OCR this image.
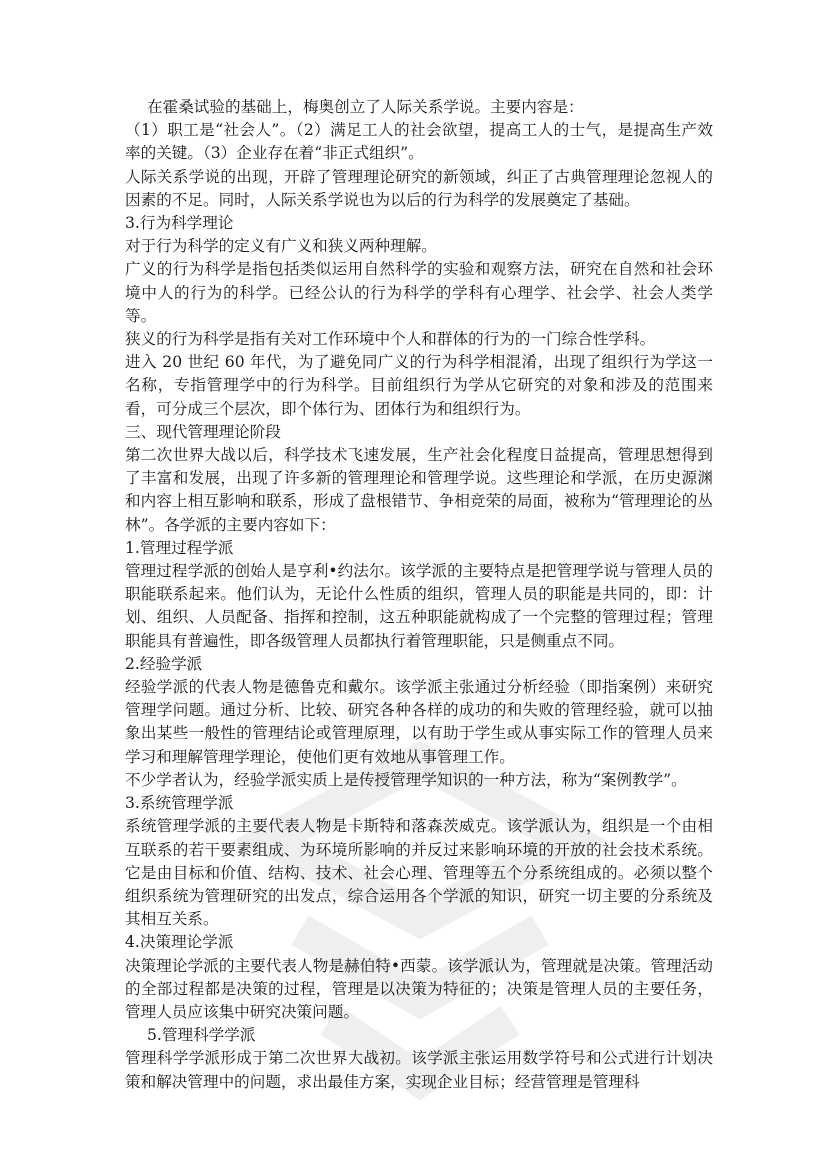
在霍桑试验的基础上，梅奥创立了人际关系学说。主要内容是：

（1）职工是“社会人”。（2）满足工人的社会欲望，提高工人的士气，是提高生产效率的关键。（3）企业存在着“非正式组织”。

人际关系学说的出现，开辟了管理理论研究的新领域，纠正了古典管理理论忽视人的因素的不足。同时，人际关系学说也为以后的行为科学的发展奠定了基础。

3.行为科学理论

对于行为科学的定义有广义和狭义两种理解。

广义的行为科学是指包括类似运用自然科学的实验和观察方法，研究在自然和社会环境中人的行为的科学。已经公认的行为科学的学科有心理学、社会学、社会人类学等。

狭义的行为科学是指有关对工作环境中个人和群体的行为的一门综合性学科。

进入 20 世纪 60 年代，为了避免同广义的行为科学相混淆，出现了组织行为学这一名称，专指管理学中的行为科学。目前组织行为学从它研究的对象和涉及的范围来看，可分成三个层次，即个体行为、团体行为和组织行为。

三、现代管理理论阶段

第二次世界大战以后，科学技术飞速发展，生产社会化程度日益提高，管理思想得到了丰富和发展，出现了许多新的管理理论和管理学说。这些理论和学派，在历史源渊和内容上相互影响和联系，形成了盘根错节、争相竞荣的局面，被称为“管理理论的丛林”。各学派的主要内容如下：

1.管理过程学派

管理过程学派的创始人是亨利•约法尔。该学派的主要特点是把管理学说与管理人员的职能联系起来。他们认为，无论什么性质的组织，管理人员的职能是共同的，即：计划、组织、人员配备、指挥和控制，这五种职能就构成了一个完整的管理过程；管理职能具有普遍性，即各级管理人员都执行着管理职能，只是侧重点不同。

2.经验学派

经验学派的代表人物是德鲁克和戴尔。该学派主张通过分析经验（即指案例）来研究管理学问题。通过分析、比较、研究各种各样的成功的和失败的管理经验，就可以抽象出某些一般性的管理结论或管理原理，以有助于学生或从事实际工作的管理人员来学习和理解管理学理论，使他们更有效地从事管理工作。

不少学者认为，经验学派实质上是传授管理学知识的一种方法，称为“案例教学”。

3.系统管理学派

系统管理学派的主要代表人物是卡斯特和落森茨威克。该学派认为，组织是一个由相互联系的若干要素组成、为环境所影响的并反过来影响环境的开放的社会技术系统。它是由目标和价值、结构、技术、社会心理、管理等五个分系统组成的。必须以整个组织系统为管理研究的出发点，综合运用各个学派的知识，研究一切主要的分系统及其相互关系。

4.决策理论学派

决策理论学派的主要代表人物是赫伯特•西蒙。该学派认为，管理就是决策。管理活动的全部过程都是决策的过程，管理是以决策为特征的；决策是管理人员的主要任务，管理人员应该集中研究决策问题。

5.管理科学学派

管理科学学派形成于第二次世界大战初。该学派主张运用数学符号和公式进行计划决策和解决管理中的问题，求出最佳方案，实现企业目标；经营管理是管理科
